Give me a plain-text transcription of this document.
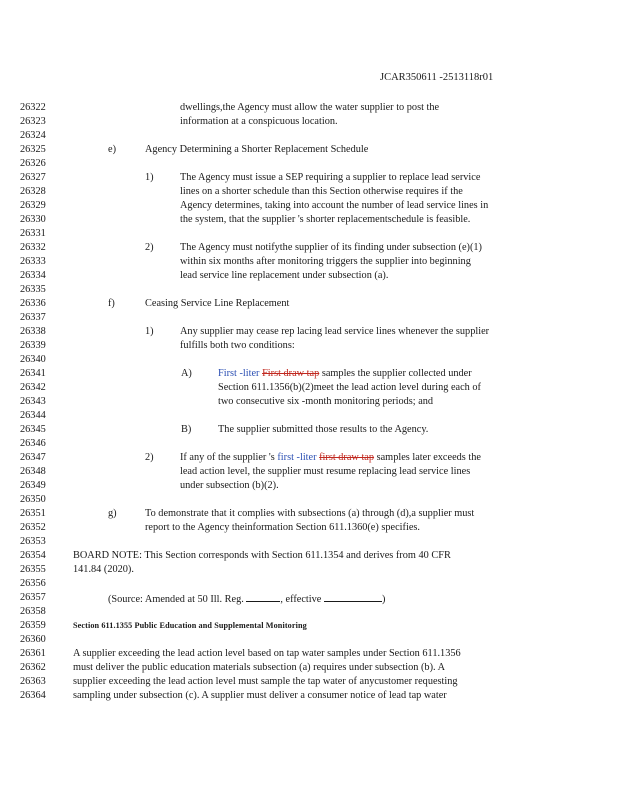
JCAR350611 -2513118r01
26322	dwellings,the Agency must allow the water supplier to post the
26323	information at a conspicuous location.
26324
26325	e)	Agency Determining a Shorter Replacement Schedule
26326
26327	1)	The Agency must issue a SEP requiring a supplier to replace lead service
26328	lines on a shorter schedule than this Section otherwise requires if the
26329	Agency determines, taking into account the number of lead service lines in
26330	the system, that the supplier 's shorter replacementschedule is feasible.
26331
26332	2)	The Agency must notifythe supplier of its finding under subsection (e)(1)
26333	within six months after monitoring triggers the supplier into beginning
26334	lead service line replacement under subsection (a).
26335
26336	f)	Ceasing Service Line Replacement
26337
26338	1)	Any supplier may cease rep lacing lead service lines whenever the supplier
26339	fulfills both two conditions:
26340
26341	A)	First -liter First draw tap samples the supplier collected under
26342	Section 611.1356(b)(2)meet the lead action level during each of
26343	two consecutive six -month monitoring periods; and
26344
26345	B)	The supplier submitted those results to the Agency.
26346
26347	2)	If any of the supplier 's first -liter first draw tap samples later exceeds the
26348	lead action level, the supplier must resume replacing lead service lines
26349	under subsection (b)(2).
26350
26351	g)	To demonstrate that it complies with subsections (a) through (d),a supplier must
26352	report to the Agency theinformation Section 611.1360(e) specifies.
26353
26354	BOARD NOTE: This Section corresponds with Section 611.1354 and derives from 40 CFR
26355	141.84 (2020).
26356
26357	(Source: Amended at 50 Ill. Reg.	, effective	)
26358
26359	Section 611.1355 Public Education and Supplemental Monitoring
26360
26361	A supplier exceeding the lead action level based on tap water samples under Section 611.1356
26362	must deliver the public education materials subsection (a) requires under subsection (b). A
26363	supplier exceeding the lead action level must sample the tap water of anycustomer requesting
26364	sampling under subsection (c). A supplier must deliver a consumer notice of lead tap water
